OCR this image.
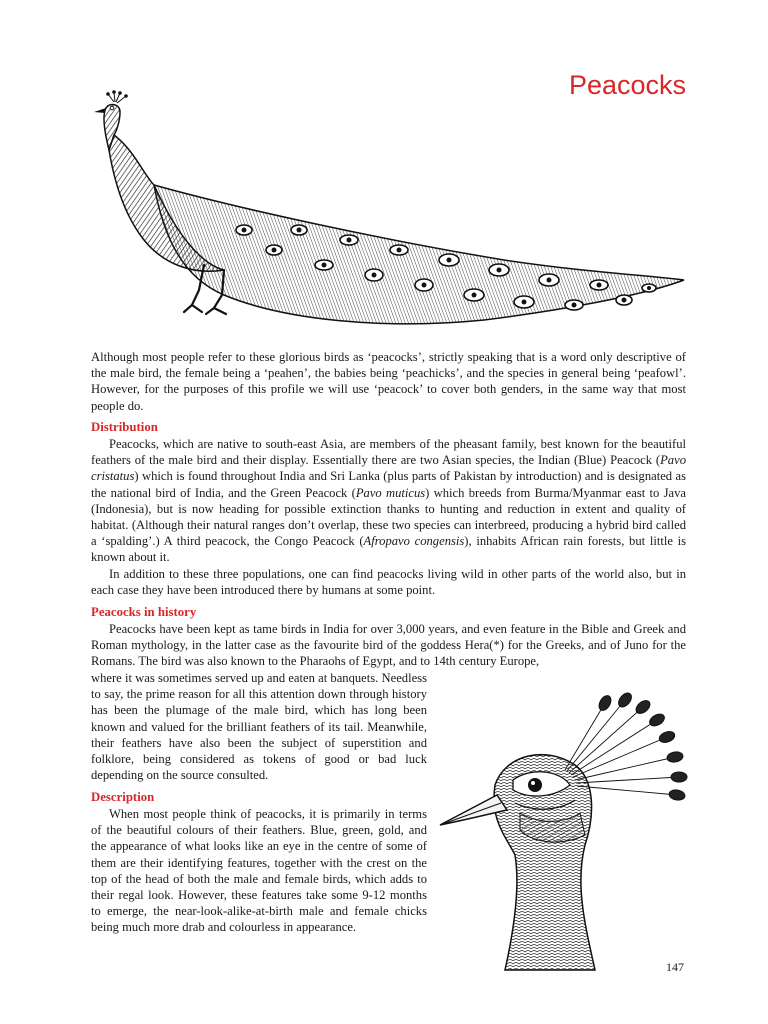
Peacocks

Although most people refer to these glorious birds as ‘peacocks’, strictly speaking that is a word only descriptive of the male bird, the female being a ‘peahen’, the babies being ‘peachicks’, and the species in general being ‘peafowl’. However, for the purposes of this profile we will use ‘peacock’ to cover both genders, in the same way that most people do.

Distribution

Peacocks, which are native to south-east Asia, are members of the pheasant family, best known for the beautiful feathers of the male bird and their display. Essentially there are two Asian species, the Indian (Blue) Peacock (Pavo cristatus) which is found throughout India and Sri Lanka (plus parts of Pakistan by introduction) and is designated as the national bird of India, and the Green Peacock (Pavo muticus) which breeds from Burma/Myanmar east to Java (Indonesia), but is now heading for possible extinction thanks to hunting and reduction in extent and quality of habitat. (Although their natural ranges don’t overlap, these two species can interbreed, producing a hybrid bird called a ‘spalding’.) A third peacock, the Congo Peacock (Afropavo congensis), inhabits African rain forests, but little is known about it.

In addition to these three populations, one can find peacocks living wild in other parts of the world also, but in each case they have been introduced there by humans at some point.

Peacocks in history

Peacocks have been kept as tame birds in India for over 3,000 years, and even feature in the Bible and Greek and Roman mythology, in the latter case as the favourite bird of the goddess Hera(*) for the Greeks, and of Juno for the Romans. The bird was also known to the Pharaohs of Egypt, and to 14th century Europe,

where it was sometimes served up and eaten at banquets. Needless to say, the prime reason for all this attention down through history has been the plumage of the male bird, which has long been known and valued for the brilliant feathers of its tail. Meanwhile, their feathers have also been the subject of superstition and folklore, being considered as tokens of good or bad luck depending on the source consulted.

Description

When most people think of peacocks, it is primarily in terms of the beautiful colours of their feathers. Blue, green, gold, and the appearance of what looks like an eye in the centre of some of them are their identifying features, together with the crest on the top of the head of both the male and female birds, which adds to their regal look. However, these features take some 9-12 months to emerge, the near-look-alike-at-birth male and female chicks being much more drab and colourless in appearance.

147
